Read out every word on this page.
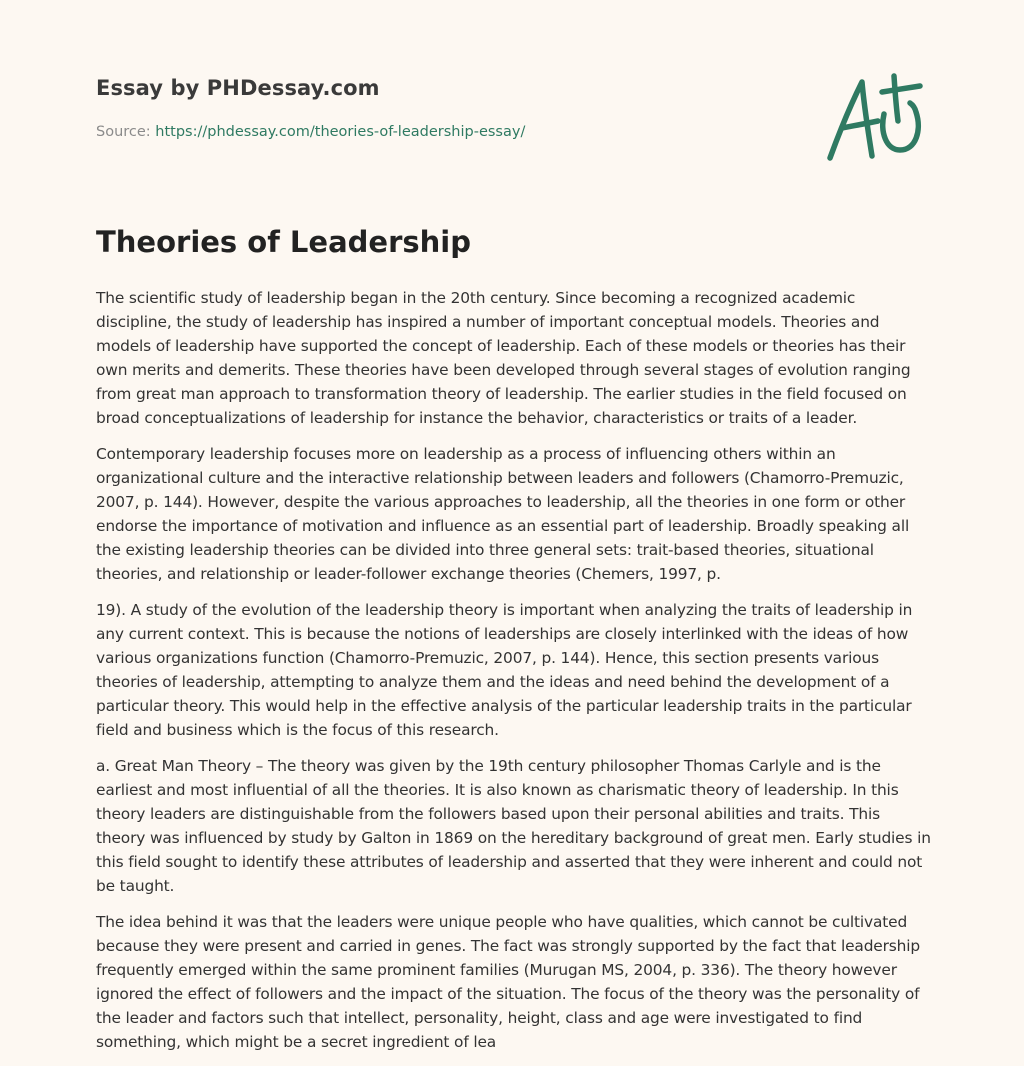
Essay by PHDessay.com
Source: https://phdessay.com/theories-of-leadership-essay/
Theories of Leadership

The scientific study of leadership began in the 20th century. Since becoming a recognized academic discipline, the study of leadership has inspired a number of important conceptual models. Theories and models of leadership have supported the concept of leadership. Each of these models or theories has their own merits and demerits. These theories have been developed through several stages of evolution ranging from great man approach to transformation theory of leadership. The earlier studies in the field focused on broad conceptualizations of leadership for instance the behavior, characteristics or traits of a leader.

Contemporary leadership focuses more on leadership as a process of influencing others within an organizational culture and the interactive relationship between leaders and followers (Chamorro-Premuzic, 2007, p. 144). However, despite the various approaches to leadership, all the theories in one form or other endorse the importance of motivation and influence as an essential part of leadership. Broadly speaking all the existing leadership theories can be divided into three general sets: trait-based theories, situational theories, and relationship or leader-follower exchange theories (Chemers, 1997, p.

19). A study of the evolution of the leadership theory is important when analyzing the traits of leadership in any current context. This is because the notions of leaderships are closely interlinked with the ideas of how various organizations function (Chamorro-Premuzic, 2007, p. 144). Hence, this section presents various theories of leadership, attempting to analyze them and the ideas and need behind the development of a particular theory. This would help in the effective analysis of the particular leadership traits in the particular field and business which is the focus of this research.

a. Great Man Theory – The theory was given by the 19th century philosopher Thomas Carlyle and is the earliest and most influential of all the theories. It is also known as charismatic theory of leadership. In this theory leaders are distinguishable from the followers based upon their personal abilities and traits. This theory was influenced by study by Galton in 1869 on the hereditary background of great men. Early studies in this field sought to identify these attributes of leadership and asserted that they were inherent and could not be taught.

The idea behind it was that the leaders were unique people who have qualities, which cannot be cultivated because they were present and carried in genes. The fact was strongly supported by the fact that leadership frequently emerged within the same prominent families (Murugan MS, 2004, p. 336). The theory however ignored the effect of followers and the impact of the situation. The focus of the theory was the personality of the leader and factors such that intellect, personality, height, class and age were investigated to find something, which might be a secret ingredient of lea
